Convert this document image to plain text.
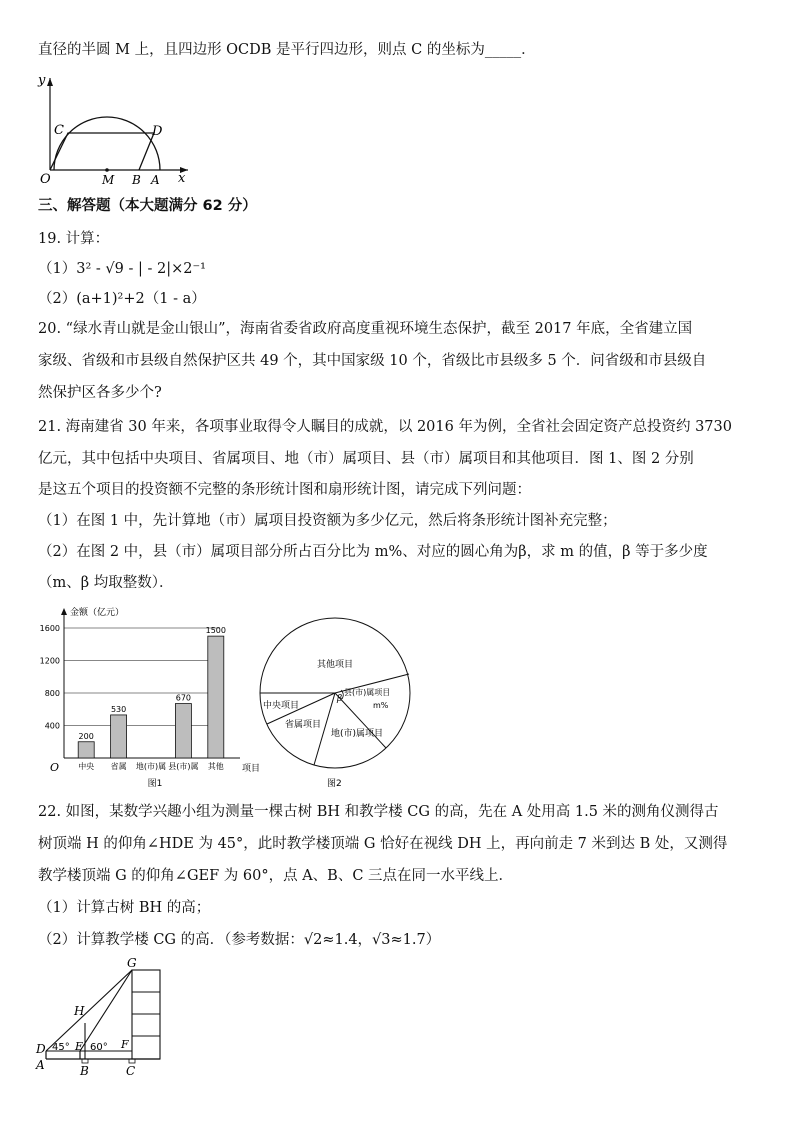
直径的半圆 M 上，且四边形 OCDB 是平行四边形，则点 C 的坐标为_____．
y
x
O
C	D
M B A
三、解答题（本大题满分 62 分）
19. 计算：
（1）3² - √9 - | - 2|×2⁻¹
（2）(a+1)²+2（1 - a）
20. “绿水青山就是金山银山”，海南省委省政府高度重视环境生态保护，截至 2017 年底，全省建立国
家级、省级和市县级自然保护区共 49 个，其中国家级 10 个，省级比市县级多 5 个．问省级和市县级自
然保护区各多少个?
21. 海南建省 30 年来，各项事业取得令人瞩目的成就，以 2016 年为例，全省社会固定资产总投资约 3730
亿元，其中包括中央项目、省属项目、地（市）属项目、县（市）属项目和其他项目．图 1、图 2 分别
是这五个项目的投资额不完整的条形统计图和扇形统计图，请完成下列问题：
（1）在图 1 中，先计算地（市）属项目投资额为多少亿元，然后将条形统计图补充完整；
（2）在图 2 中，县（市）属项目部分所占百分比为 m%、对应的圆心角为β，求 m 的值，β 等于多少度
（m、β 均取整数）．
400
800
1200
1600
200
中央
530
省属 地(市)属
670
县(市)属
1500
其他
金额（亿元）
项目
O
图1
其他项目
县(市)属项目
m%
β
地(市)属项目
省属项目
中央项目
图2
22. 如图，某数学兴趣小组为测量一棵古树 BH 和教学楼 CG 的高，先在 A 处用高 1.5 米的测角仪测得古
树顶端 H 的仰角∠HDE 为 45°，此时教学楼顶端 G 恰好在视线 DH 上，再向前走 7 米到达 B 处，又测得
教学楼顶端 G 的仰角∠GEF 为 60°，点 A、B、C 三点在同一水平线上．
（1）计算古树 BH 的高；
（2）计算教学楼 CG 的高．（参考数据：√2≈1.4，√3≈1.7）
G
H
D 45° E 60° F
A	B	C
